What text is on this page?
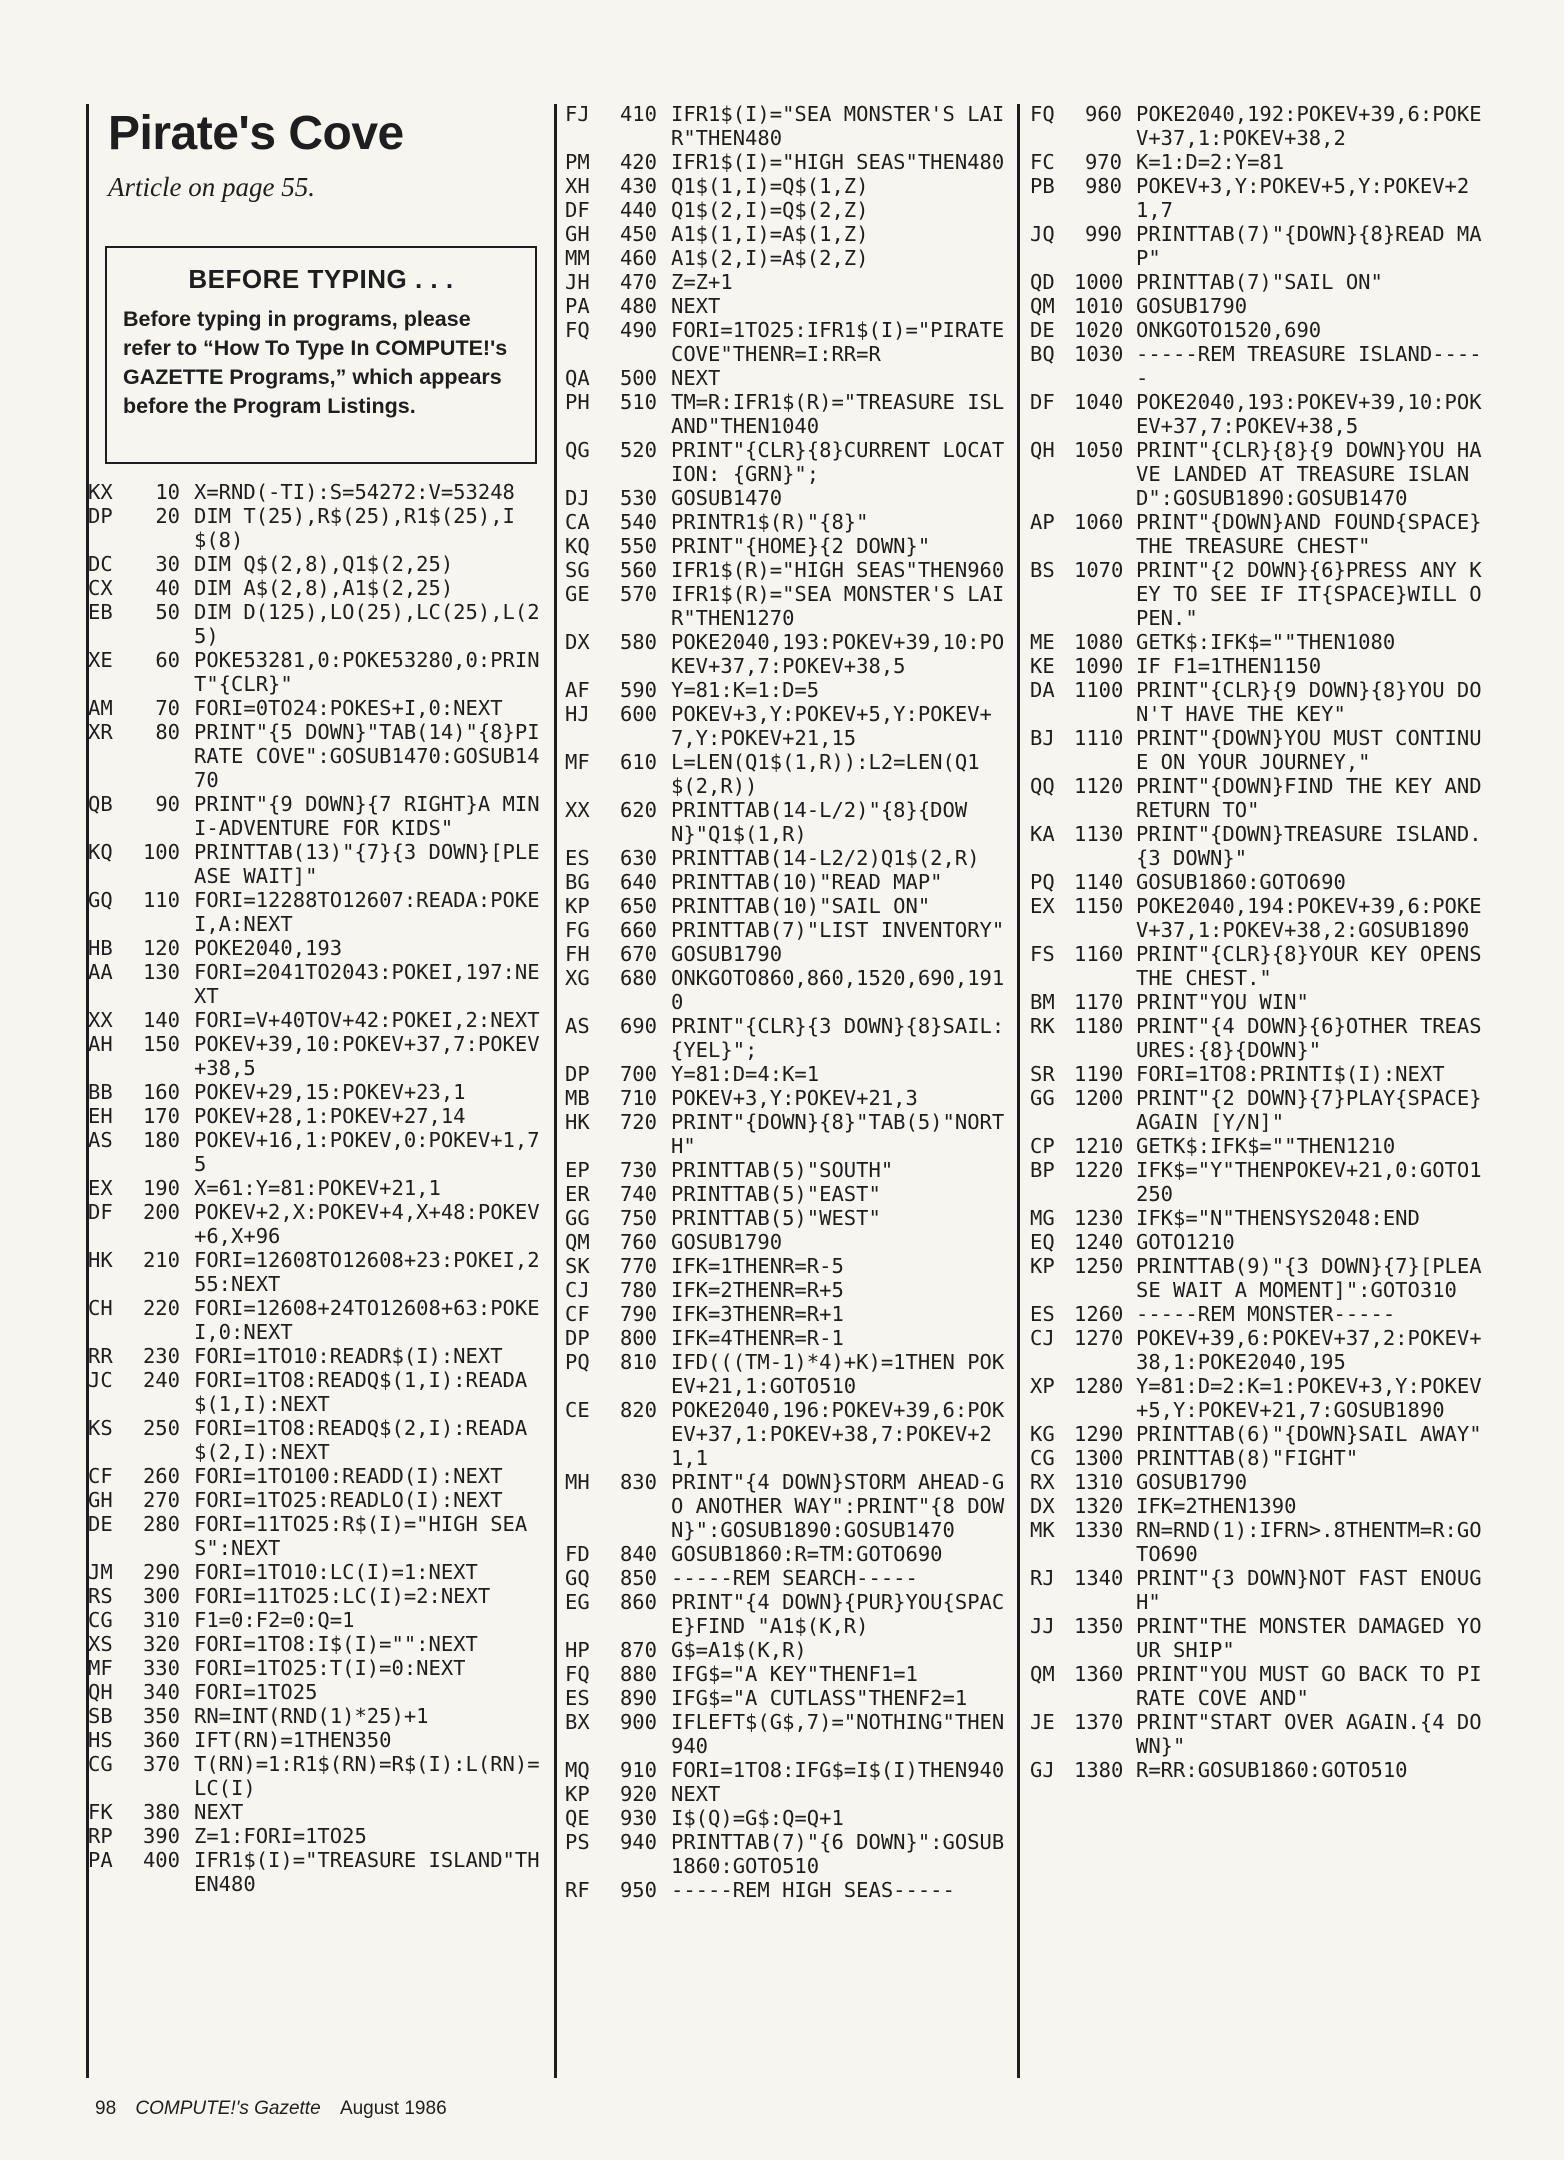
Pirate's Cove
Article on page 55.
BEFORE TYPING . . .
Before typing in programs, please refer to “How To Type In COMPUTE!'s GAZETTE Programs,” which appears before the Program Listings.
KX	10 X=RND(-TI):S=54272:V=53248
DP	20 DIM T(25),R$(25),R1$(25),I$(8)
DC	30 DIM Q$(2,8),Q1$(2,25)
CX	40 DIM A$(2,8),A1$(2,25)
EB	50 DIM D(125),LO(25),LC(25),L(25)
XE	60 POKE53281,0:POKE53280,0:PRINT"{CLR}"
AM	70 FORI=0TO24:POKES+I,0:NEXT
XR	80 PRINT"{5 DOWN}"TAB(14)"{8}PIRATE COVE":GOSUB1470:GOSUB1470
QB	90 PRINT"{9 DOWN}{7 RIGHT}A MINI-ADVENTURE FOR KIDS"
KQ	100 PRINTTAB(13)"{7}{3 DOWN}[PLEASE WAIT]"
GQ	110 FORI=12288TO12607:READA:POKEI,A:NEXT
HB	120 POKE2040,193
AA	130 FORI=2041TO2043:POKEI,197:NEXT
XX	140 FORI=V+40TOV+42:POKEI,2:NEXT
AH	150 POKEV+39,10:POKEV+37,7:POKEV+38,5
BB	160 POKEV+29,15:POKEV+23,1
EH	170 POKEV+28,1:POKEV+27,14
AS	180 POKEV+16,1:POKEV,0:POKEV+1,75
EX	190 X=61:Y=81:POKEV+21,1
DF	200 POKEV+2,X:POKEV+4,X+48:POKEV+6,X+96
HK	210 FORI=12608TO12608+23:POKEI,255:NEXT
CH	220 FORI=12608+24TO12608+63:POKEI,0:NEXT
RR	230 FORI=1TO10:READR$(I):NEXT
JC	240 FORI=1TO8:READQ$(1,I):READA$(1,I):NEXT
KS	250 FORI=1TO8:READQ$(2,I):READA$(2,I):NEXT
CF	260 FORI=1TO100:READD(I):NEXT
GH	270 FORI=1TO25:READLO(I):NEXT
DE	280 FORI=11TO25:R$(I)="HIGH SEAS":NEXT
JM	290 FORI=1TO10:LC(I)=1:NEXT
RS	300 FORI=11TO25:LC(I)=2:NEXT
CG	310 F1=0:F2=0:Q=1
XS	320 FORI=1TO8:I$(I)="":NEXT
MF	330 FORI=1TO25:T(I)=0:NEXT
QH	340 FORI=1TO25
SB	350 RN=INT(RND(1)*25)+1
HS	360 IFT(RN)=1THEN350
CG	370 T(RN)=1:R1$(RN)=R$(I):L(RN)=LC(I)
FK	380 NEXT
RP	390 Z=1:FORI=1TO25
PA	400 IFR1$(I)="TREASURE ISLAND"THEN480
FJ	410 IFR1$(I)="SEA MONSTER'S LAIR"THEN480
PM	420 IFR1$(I)="HIGH SEAS"THEN480
XH	430 Q1$(1,I)=Q$(1,Z)
DF	440 Q1$(2,I)=Q$(2,Z)
GH	450 A1$(1,I)=A$(1,Z)
MM	460 A1$(2,I)=A$(2,Z)
JH	470 Z=Z+1
PA	480 NEXT
FQ	490 FORI=1TO25:IFR1$(I)="PIRATE COVE"THENR=I:RR=R
QA	500 NEXT
PH	510 TM=R:IFR1$(R)="TREASURE ISLAND"THEN1040
QG	520 PRINT"{CLR}{8}CURRENT LOCATION: {GRN}";
DJ	530 GOSUB1470
CA	540 PRINTR1$(R)"{8}"
KQ	550 PRINT"{HOME}{2 DOWN}"
SG	560 IFR1$(R)="HIGH SEAS"THEN960
GE	570 IFR1$(R)="SEA MONSTER'S LAIR"THEN1270
DX	580 POKE2040,193:POKEV+39,10:POKEV+37,7:POKEV+38,5
AF	590 Y=81:K=1:D=5
HJ	600 POKEV+3,Y:POKEV+5,Y:POKEV+7,Y:POKEV+21,15
MF	610 L=LEN(Q1$(1,R)):L2=LEN(Q1$(2,R))
XX	620 PRINTTAB(14-L/2)"{8}{DOWN}"Q1$(1,R)
ES	630 PRINTTAB(14-L2/2)Q1$(2,R)
BG	640 PRINTTAB(10)"READ MAP"
KP	650 PRINTTAB(10)"SAIL ON"
FG	660 PRINTTAB(7)"LIST INVENTORY"
FH	670 GOSUB1790
XG	680 ONKGOTO860,860,1520,690,1910
AS	690 PRINT"{CLR}{3 DOWN}{8}SAIL:{YEL}";
DP	700 Y=81:D=4:K=1
MB	710 POKEV+3,Y:POKEV+21,3
HK	720 PRINT"{DOWN}{8}"TAB(5)"NORTH"
EP	730 PRINTTAB(5)"SOUTH"
ER	740 PRINTTAB(5)"EAST"
GG	750 PRINTTAB(5)"WEST"
QM	760 GOSUB1790
SK	770 IFK=1THENR=R-5
CJ	780 IFK=2THENR=R+5
CF	790 IFK=3THENR=R+1
DP	800 IFK=4THENR=R-1
PQ	810 IFD(((TM-1)*4)+K)=1THEN POKEV+21,1:GOTO510
CE	820 POKE2040,196:POKEV+39,6:POKEV+37,1:POKEV+38,7:POKEV+21,1
MH	830 PRINT"{4 DOWN}STORM AHEAD-GO ANOTHER WAY":PRINT"{8 DOWN}":GOSUB1890:GOSUB1470
FD	840 GOSUB1860:R=TM:GOTO690
GQ	850 -----REM SEARCH-----
EG	860 PRINT"{4 DOWN}{PUR}YOU{SPACE}FIND "A1$(K,R)
HP	870 G$=A1$(K,R)
FQ	880 IFG$="A KEY"THENF1=1
ES	890 IFG$="A CUTLASS"THENF2=1
BX	900 IFLEFT$(G$,7)="NOTHING"THEN940
MQ	910 FORI=1TO8:IFG$=I$(I)THEN940
KP	920 NEXT
QE	930 I$(Q)=G$:Q=Q+1
PS	940 PRINTTAB(7)"{6 DOWN}":GOSUB1860:GOTO510
RF	950 -----REM HIGH SEAS-----
FQ	960 POKE2040,192:POKEV+39,6:POKEV+37,1:POKEV+38,2
FC	970 K=1:D=2:Y=81
PB	980 POKEV+3,Y:POKEV+5,Y:POKEV+21,7
JQ	990 PRINTTAB(7)"{DOWN}{8}READ MAP"
QD 1000 PRINTTAB(7)"SAIL ON"
QM 1010 GOSUB1790
DE 1020 ONKGOTO1520,690
BQ 1030 -----REM TREASURE ISLAND-----
DF 1040 POKE2040,193:POKEV+39,10:POKEV+37,7:POKEV+38,5
QH 1050 PRINT"{CLR}{8}{9 DOWN}YOU HAVE LANDED AT TREASURE ISLAND":GOSUB1890:GOSUB1470
AP 1060 PRINT"{DOWN}AND FOUND{SPACE}THE TREASURE CHEST"
BS 1070 PRINT"{2 DOWN}{6}PRESS ANY KEY TO SEE IF IT{SPACE}WILL OPEN."
ME 1080 GETK$:IFK$=""THEN1080
KE 1090 IF F1=1THEN1150
DA 1100 PRINT"{CLR}{9 DOWN}{8}YOU DON'T HAVE THE KEY"
BJ 1110 PRINT"{DOWN}YOU MUST CONTINUE ON YOUR JOURNEY,"
QQ 1120 PRINT"{DOWN}FIND THE KEY AND RETURN TO"
KA 1130 PRINT"{DOWN}TREASURE ISLAND.{3 DOWN}"
PQ 1140 GOSUB1860:GOTO690
EX 1150 POKE2040,194:POKEV+39,6:POKEV+37,1:POKEV+38,2:GOSUB1890
FS 1160 PRINT"{CLR}{8}YOUR KEY OPENS THE CHEST."
BM 1170 PRINT"YOU WIN"
RK 1180 PRINT"{4 DOWN}{6}OTHER TREASURES:{8}{DOWN}"
SR 1190 FORI=1TO8:PRINTI$(I):NEXT
GG 1200 PRINT"{2 DOWN}{7}PLAY{SPACE}AGAIN [Y/N]"
CP 1210 GETK$:IFK$=""THEN1210
BP 1220 IFK$="Y"THENPOKEV+21,0:GOTO1250
MG 1230 IFK$="N"THENSYS2048:END
EQ 1240 GOTO1210
KP 1250 PRINTTAB(9)"{3 DOWN}{7}[PLEASE WAIT A MOMENT]":GOTO310
ES 1260 -----REM MONSTER-----
CJ 1270 POKEV+39,6:POKEV+37,2:POKEV+38,1:POKE2040,195
XP 1280 Y=81:D=2:K=1:POKEV+3,Y:POKEV+5,Y:POKEV+21,7:GOSUB1890
KG 1290 PRINTTAB(6)"{DOWN}SAIL AWAY"
CG 1300 PRINTTAB(8)"FIGHT"
RX 1310 GOSUB1790
DX 1320 IFK=2THEN1390
MK 1330 RN=RND(1):IFRN>.8THENTM=R:GOTO690
RJ 1340 PRINT"{3 DOWN}NOT FAST ENOUGH"
JJ 1350 PRINT"THE MONSTER DAMAGED YOUR SHIP"
QM 1360 PRINT"YOU MUST GO BACK TO PIRATE COVE AND"
JE 1370 PRINT"START OVER AGAIN.{4 DOWN}"
GJ 1380 R=RR:GOSUB1860:GOTO510
98 COMPUTE!'s Gazette August 1986
